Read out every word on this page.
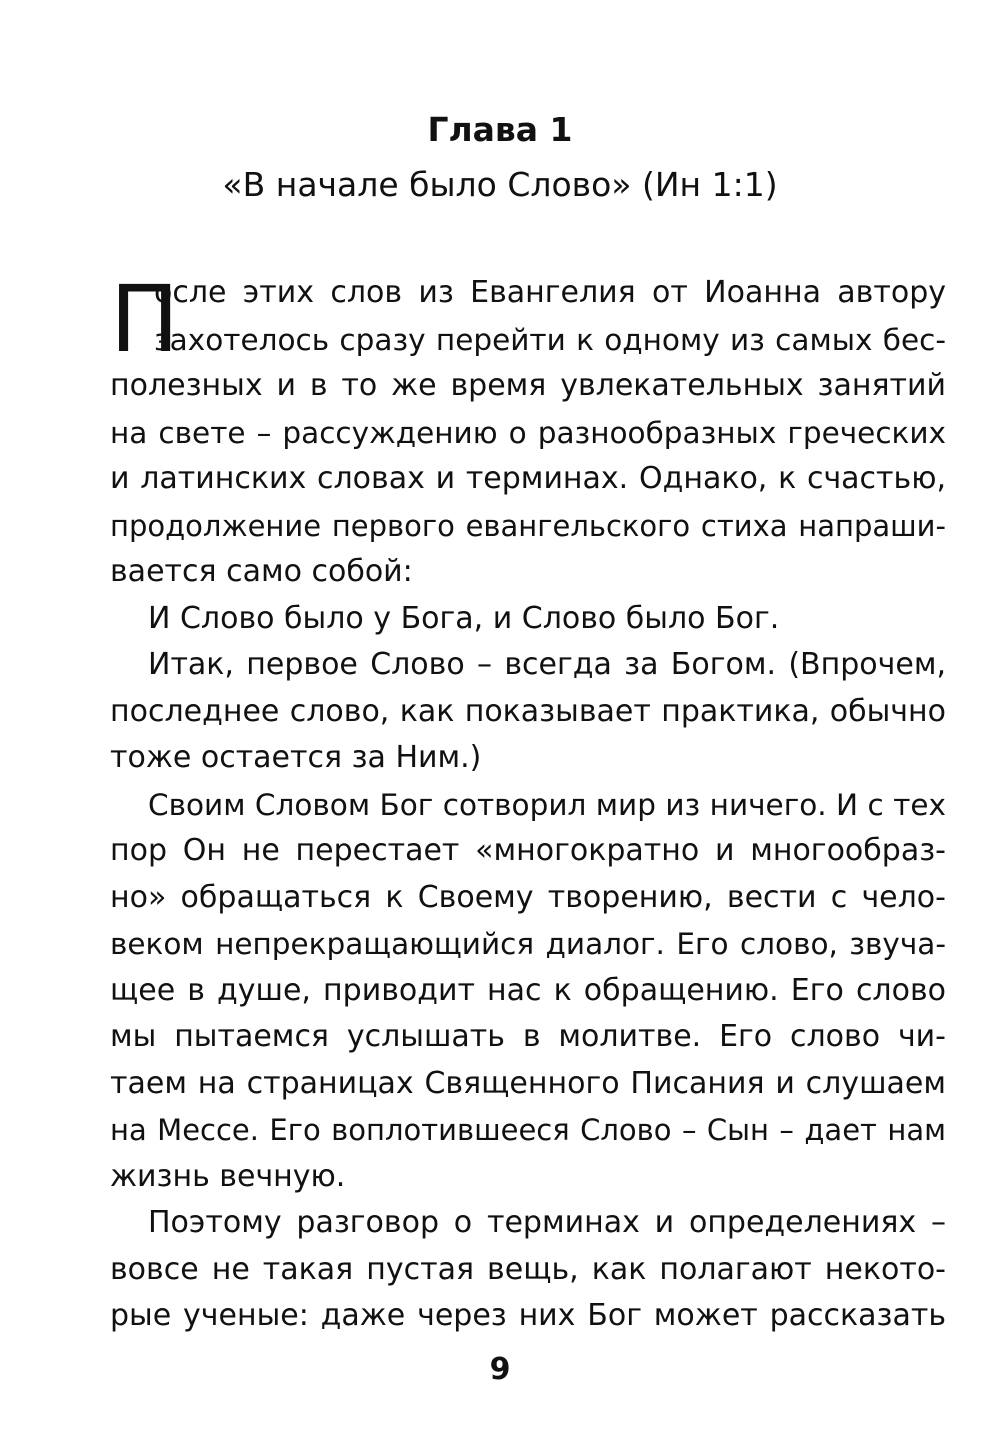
Глава 1
«В начале было Слово» (Ин 1:1)
П
осле этих слов из Евангелия от Иоанна автору
захотелось сразу перейти к одному из самых бес-
полезных и в то же время увлекательных занятий
на свете – рассуждению о разнообразных греческих
и латинских словах и терминах. Однако, к счастью,
продолжение первого евангельского стиха напраши-
вается само собой:
И Слово было у Бога, и Слово было Бог.
Итак, первое Слово – всегда за Богом. (Впрочем,
последнее слово, как показывает практика, обычно
тоже остается за Ним.)
Своим Словом Бог сотворил мир из ничего. И с тех
пор Он не перестает «многократно и многообраз-
но» обращаться к Своему творению, вести с чело-
веком непрекращающийся диалог. Его слово, звуча-
щее в душе, приводит нас к обращению. Его слово
мы пытаемся услышать в молитве. Его слово чи-
таем на страницах Священного Писания и слушаем
на Мессе. Его воплотившееся Слово – Сын – дает нам
жизнь вечную.
Поэтому разговор о терминах и определениях –
вовсе не такая пустая вещь, как полагают некото-
рые ученые: даже через них Бог может рассказать
9
